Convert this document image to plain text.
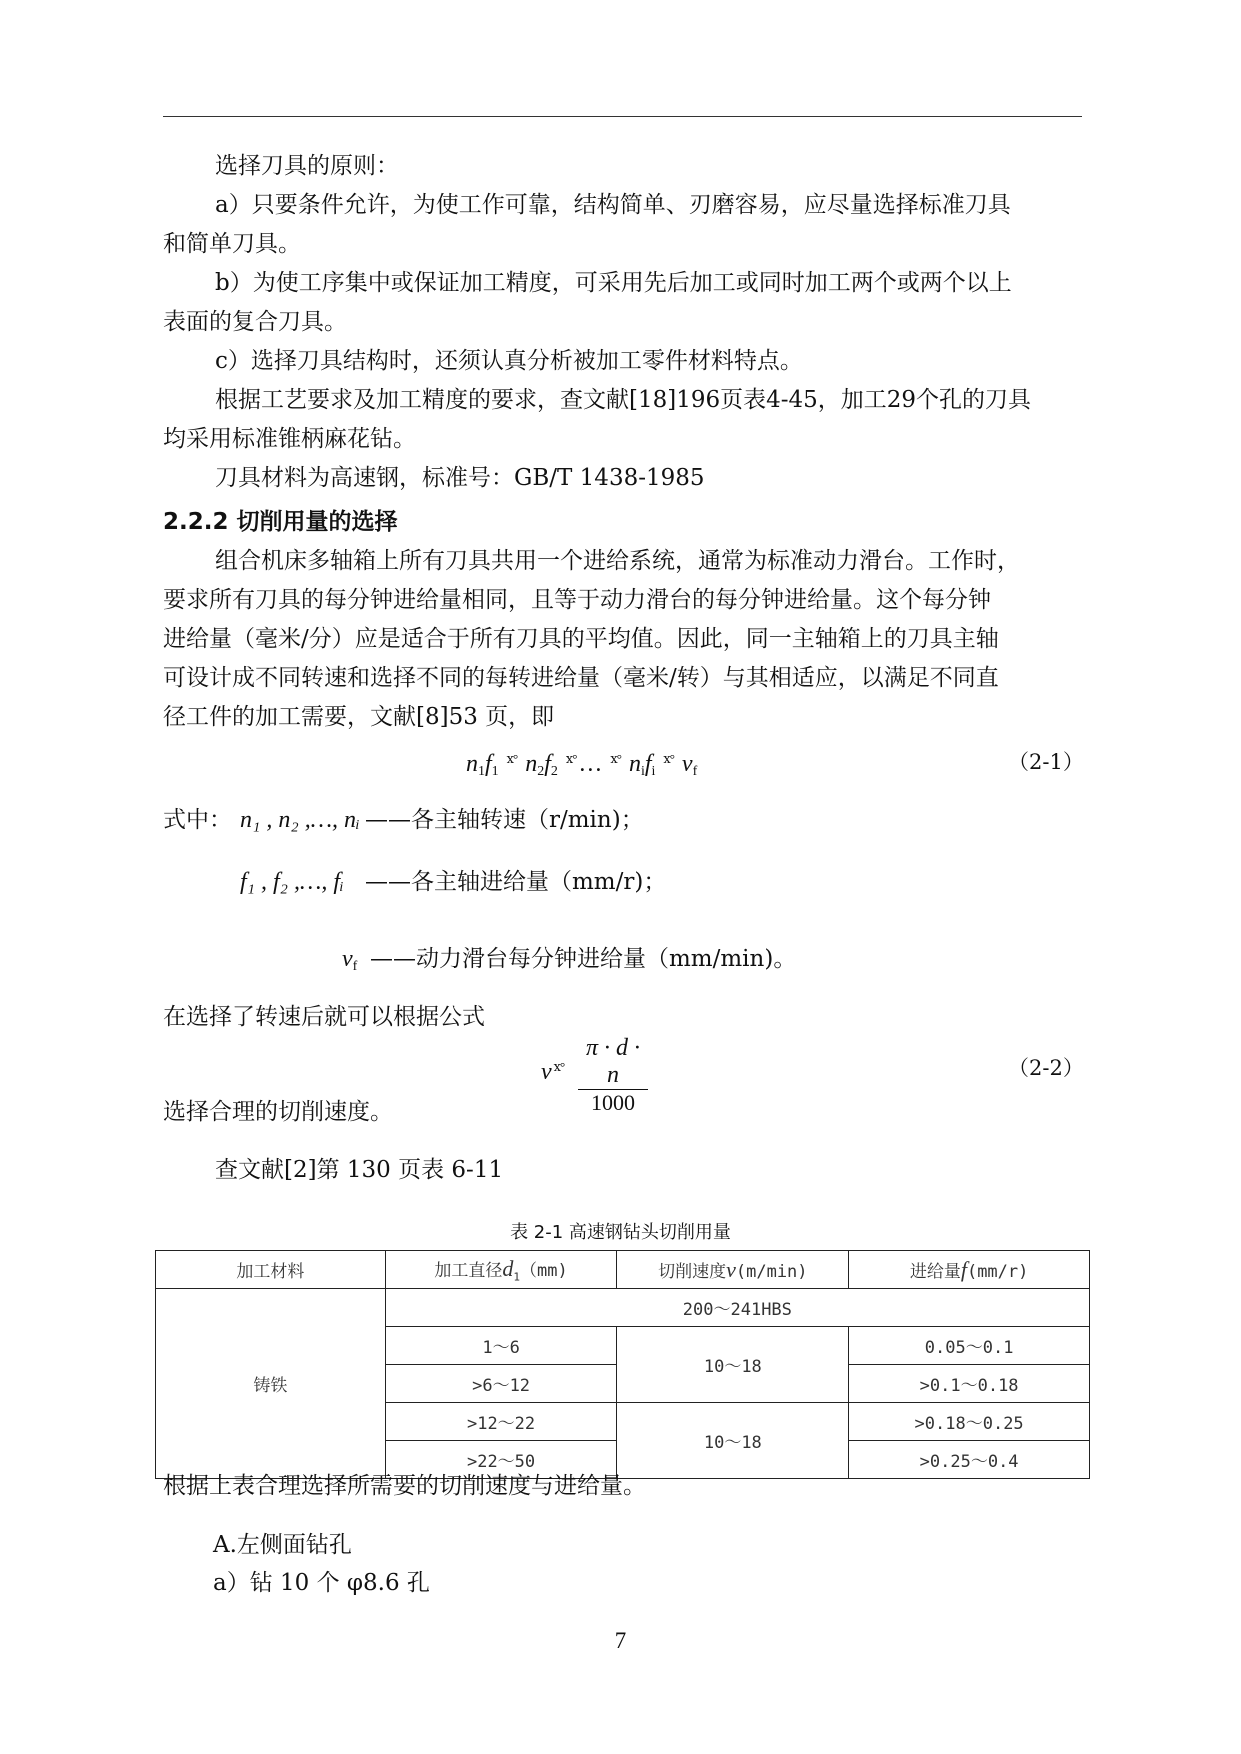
选择刀具的原则：
a）只要条件允许，为使工作可靠，结构简单、刃磨容易，应尽量选择标准刀具
和简单刀具。
b）为使工序集中或保证加工精度，可采用先后加工或同时加工两个或两个以上
表面的复合刀具。
c）选择刀具结构时，还须认真分析被加工零件材料特点。
根据工艺要求及加工精度的要求，查文献[18]196页表4-45，加工29个孔的刀具
均采用标准锥柄麻花钻。
刀具材料为高速钢，标准号：GB/T 1438-1985
2.2.2 切削用量的选择
组合机床多轴箱上所有刀具共用一个进给系统，通常为标准动力滑台。工作时，
要求所有刀具的每分钟进给量相同，且等于动力滑台的每分钟进给量。这个每分钟
进给量（毫米/分）应是适合于所有刀具的平均值。因此，同一主轴箱上的刀具主轴
可设计成不同转速和选择不同的每转进给量（毫米/转）与其相适应，以满足不同直
径工件的加工需要，文献[8]53 页，即
$n_1f_1$ $^{ⅹ^\circ}$ $n_2f_2$ $^{ⅹ^\circ}$… $^{ⅹ^\circ}$ $n_if_i$ $^{ⅹ^\circ}$ $v_f$	（2-1）
式中： n₁ , n₂ ,…, nᵢ ——各主轴转速（r/min)；
f₁ , f₂ ,…, fᵢ ——各主轴进给量（mm/r)；
$v_f$ ——动力滑台每分钟进给量（mm/min)。
在选择了转速后就可以根据公式
v $^{ⅹ^\circ} \frac{\pi \cdot d \cdot n}{1000}$	（2-2）
选择合理的切削速度。
查文献[2]第 130 页表 6-11
表 2-1 高速钢钻头切削用量
加工材料	加工直径$d_1(mm)$	切削速度v(m/min)	进给量f(mm/r)
铸铁	200～241HBS		
	1～6	10～18	0.05～0.1
	>6～12		>0.1～0.18
	>12～22	10～18	>0.18～0.25
	>22～50		>0.25～0.4
根据上表合理选择所需要的切削速度与进给量。
A.左侧面钻孔
a）钻 10 个 φ8.6 孔
7
